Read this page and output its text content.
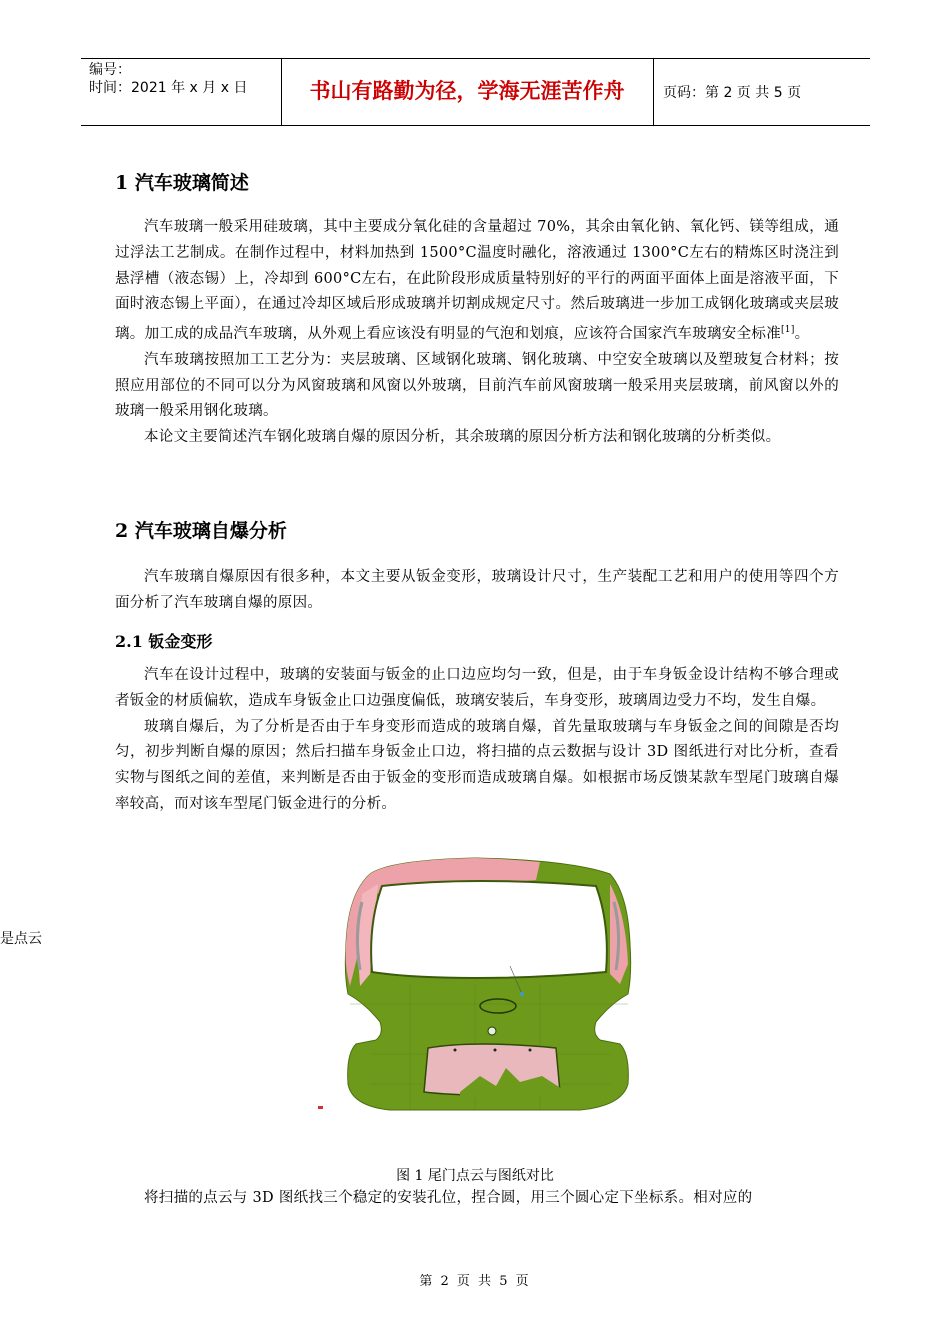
编号：
时间：2021 年 x 月 x 日	书山有路勤为径，学海无涯苦作舟	页码：第 2 页 共 5 页
1 汽车玻璃简述

汽车玻璃一般采用硅玻璃，其中主要成分氧化硅的含量超过 70%，其余由氧化钠、氧化钙、镁等组成，通过浮法工艺制成。在制作过程中，材料加热到 1500°C温度时融化，溶液通过 1300°C左右的精炼区时浇注到悬浮槽（液态锡）上，冷却到 600°C左右，在此阶段形成质量特别好的平行的两面平面体上面是溶液平面，下面时液态锡上平面），在通过冷却区域后形成玻璃并切割成规定尺寸。然后玻璃进一步加工成钢化玻璃或夹层玻璃。加工成的成品汽车玻璃，从外观上看应该没有明显的气泡和划痕，应该符合国家汽车玻璃安全标准[1]。

汽车玻璃按照加工工艺分为：夹层玻璃、区域钢化玻璃、钢化玻璃、中空安全玻璃以及塑玻复合材料；按照应用部位的不同可以分为风窗玻璃和风窗以外玻璃，目前汽车前风窗玻璃一般采用夹层玻璃，前风窗以外的玻璃一般采用钢化玻璃。

本论文主要简述汽车钢化玻璃自爆的原因分析，其余玻璃的原因分析方法和钢化玻璃的分析类似。

2 汽车玻璃自爆分析

汽车玻璃自爆原因有很多种，本文主要从钣金变形，玻璃设计尺寸，生产装配工艺和用户的使用等四个方面分析了汽车玻璃自爆的原因。

2.1 钣金变形

汽车在设计过程中，玻璃的安装面与钣金的止口边应均匀一致，但是，由于车身钣金设计结构不够合理或者钣金的材质偏软，造成车身钣金止口边强度偏低，玻璃安装后，车身变形，玻璃周边受力不均，发生自爆。

玻璃自爆后，为了分析是否由于车身变形而造成的玻璃自爆，首先量取玻璃与车身钣金之间的间隙是否均匀，初步判断自爆的原因；然后扫描车身钣金止口边，将扫描的点云数据与设计 3D 图纸进行对比分析，查看实物与图纸之间的差值，来判断是否由于钣金的变形而造成玻璃自爆。如根据市场反馈某款车型尾门玻璃自爆率较高，而对该车型尾门钣金进行的分析。

是点云
图 1 尾门点云与图纸对比

将扫描的点云与 3D 图纸找三个稳定的安装孔位，捏合圆，用三个圆心定下坐标系。相对应的

第 2 页 共 5 页
